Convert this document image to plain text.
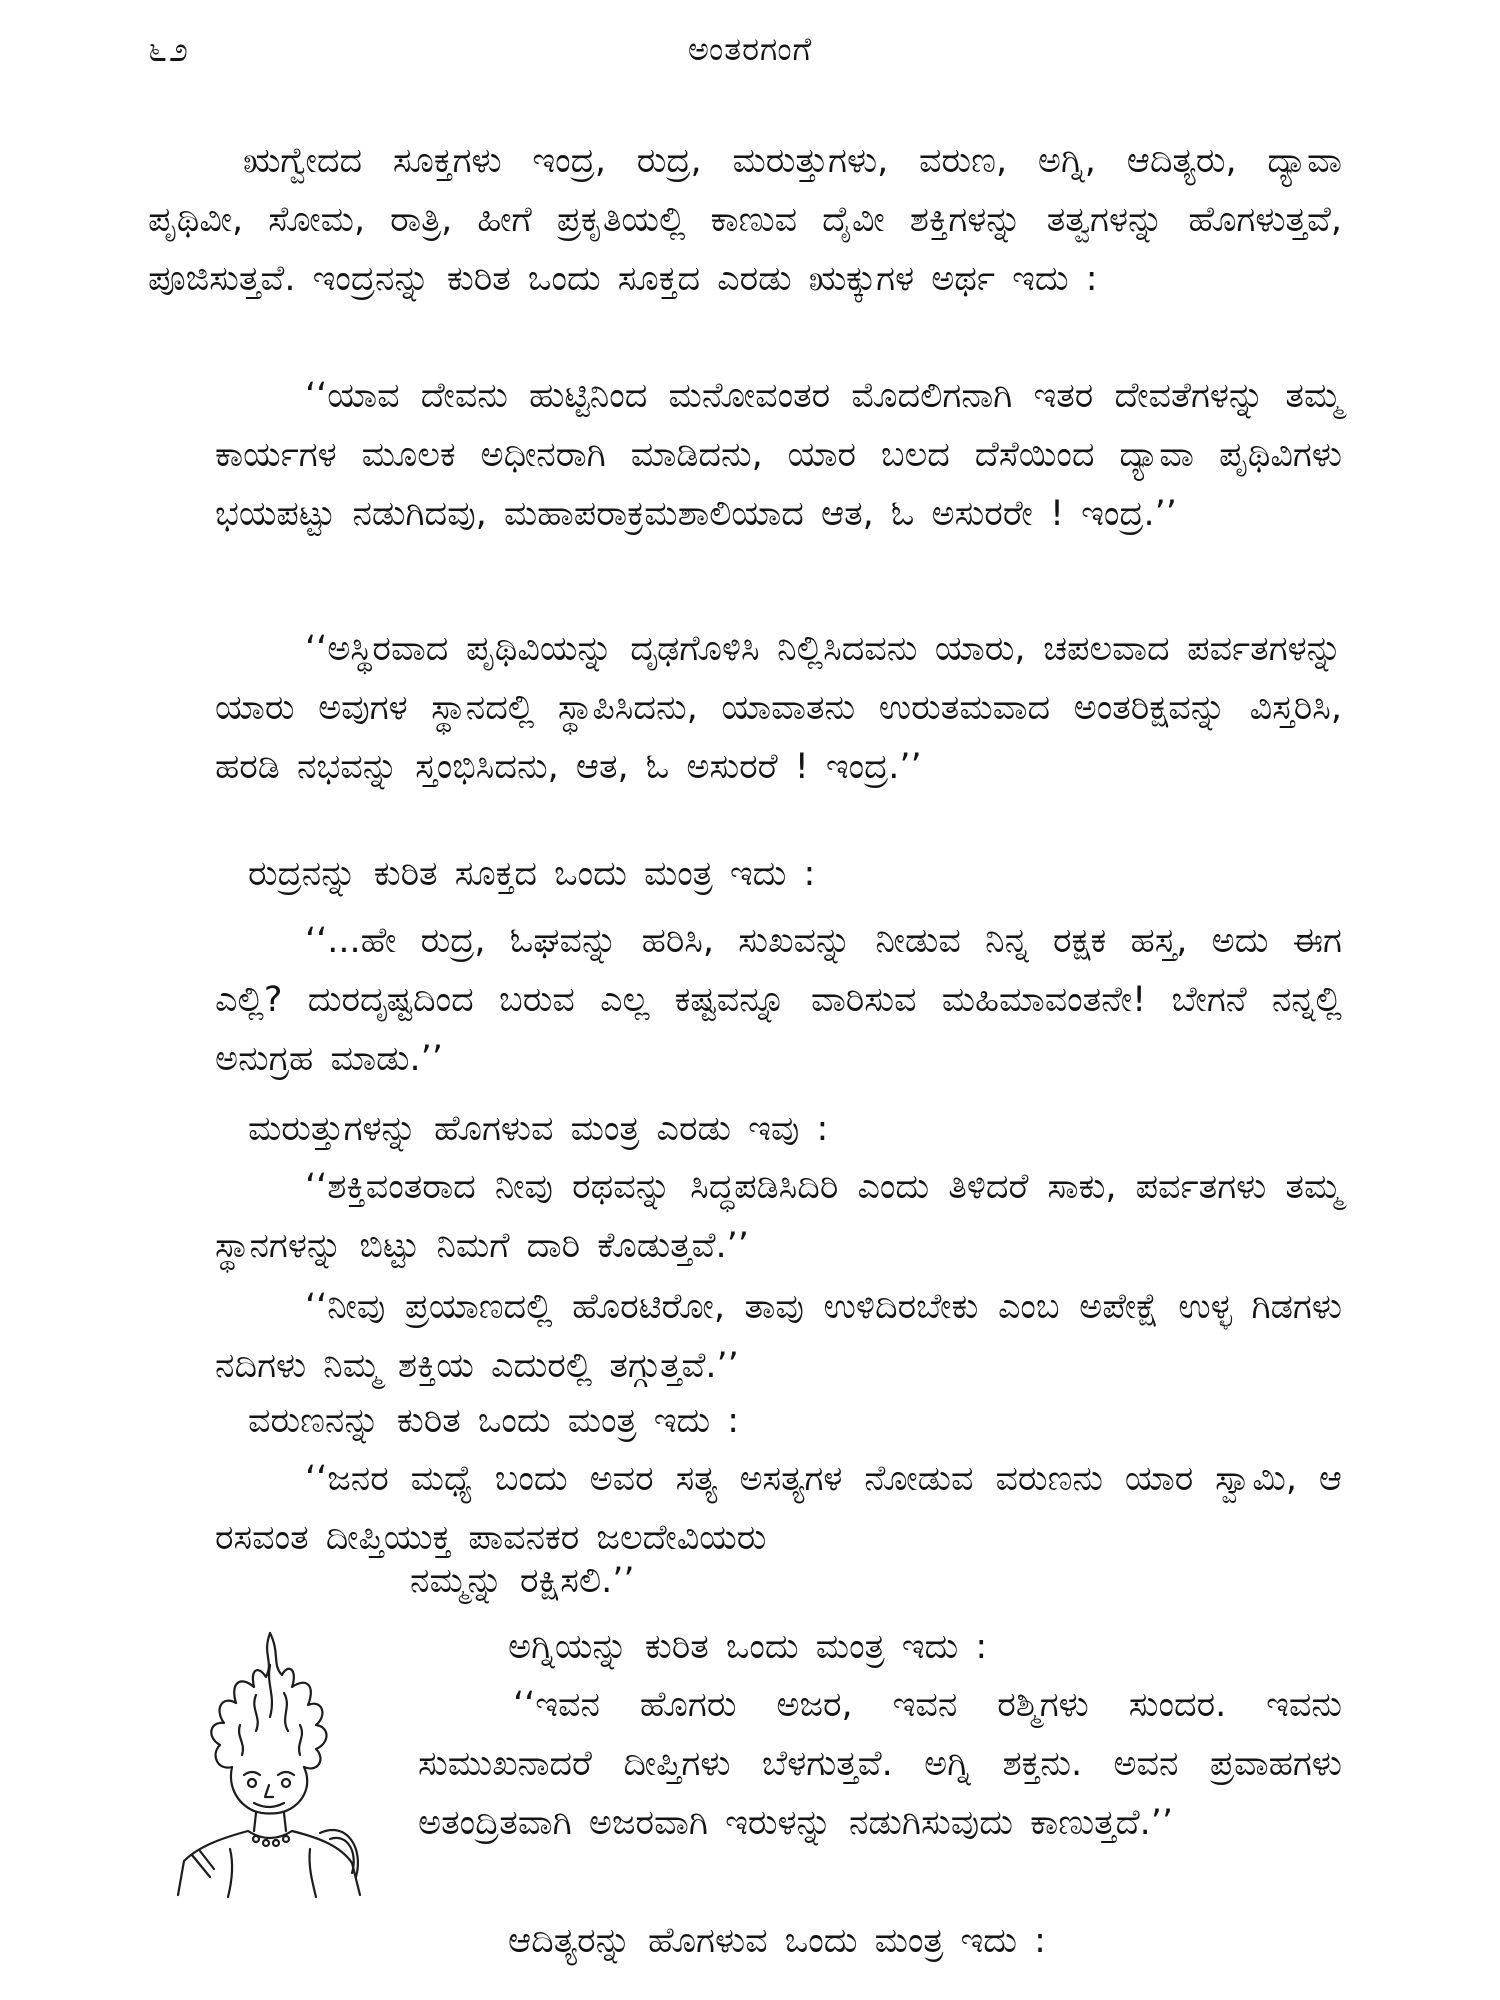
೬೨	ಅಂತರಗಂಗೆ

ಋಗ್ವೇದದ ಸೂಕ್ತಗಳು ಇಂದ್ರ, ರುದ್ರ, ಮರುತ್ತುಗಳು, ವರುಣ, ಅಗ್ನಿ, ಆದಿತ್ಯರು, ದ್ಯಾವಾ ಪೃಥಿವೀ, ಸೋಮ, ರಾತ್ರಿ, ಹೀಗೆ ಪ್ರಕೃತಿಯಲ್ಲಿ ಕಾಣುವ ದೈವೀ ಶಕ್ತಿಗಳನ್ನು ತತ್ವಗಳನ್ನು ಹೊಗಳುತ್ತವೆ, ಪೂಜಿಸುತ್ತವೆ. ಇಂದ್ರನನ್ನು ಕುರಿತ ಒಂದು ಸೂಕ್ತದ ಎರಡು ಋಕ್ಕುಗಳ ಅರ್ಥ ಇದು :

‘‘ಯಾವ ದೇವನು ಹುಟ್ಟಿನಿಂದ ಮನೋವಂತರ ಮೊದಲಿಗನಾಗಿ ಇತರ ದೇವತೆಗಳನ್ನು ತಮ್ಮ ಕಾರ್ಯಗಳ ಮೂಲಕ ಅಧೀನರಾಗಿ ಮಾಡಿದನು, ಯಾರ ಬಲದ ದೆಸೆಯಿಂದ ದ್ಯಾವಾ ಪೃಥಿವಿಗಳು ಭಯಪಟ್ಟು ನಡುಗಿದವು, ಮಹಾಪರಾಕ್ರಮಶಾಲಿಯಾದ ಆತ, ಓ ಅಸುರರೇ ! ಇಂದ್ರ.’’

‘‘ಅಸ್ಥಿರವಾದ ಪೃಥಿವಿಯನ್ನು ದೃಢಗೊಳಿಸಿ ನಿಲ್ಲಿಸಿದವನು ಯಾರು, ಚಪಲವಾದ ಪರ್ವತಗಳನ್ನು ಯಾರು ಅವುಗಳ ಸ್ಥಾನದಲ್ಲಿ ಸ್ಥಾಪಿಸಿದನು, ಯಾವಾತನು ಉರುತಮವಾದ ಅಂತರಿಕ್ಷವನ್ನು ವಿಸ್ತರಿಸಿ, ಹರಡಿ ನಭವನ್ನು ಸ್ತಂಭಿಸಿದನು, ಆತ, ಓ ಅಸುರರೆ ! ಇಂದ್ರ.’’

ರುದ್ರನನ್ನು ಕುರಿತ ಸೂಕ್ತದ ಒಂದು ಮಂತ್ರ ಇದು :

‘‘...ಹೇ ರುದ್ರ, ಓಘವನ್ನು ಹರಿಸಿ, ಸುಖವನ್ನು ನೀಡುವ ನಿನ್ನ ರಕ್ಷಕ ಹಸ್ತ, ಅದು ಈಗ ಎಲ್ಲಿ? ದುರದೃಷ್ಟದಿಂದ ಬರುವ ಎಲ್ಲ ಕಷ್ಟವನ್ನೂ ವಾರಿಸುವ ಮಹಿಮಾವಂತನೇ! ಬೇಗನೆ ನನ್ನಲ್ಲಿ ಅನುಗ್ರಹ ಮಾಡು.’’

ಮರುತ್ತುಗಳನ್ನು ಹೊಗಳುವ ಮಂತ್ರ ಎರಡು ಇವು :

‘‘ಶಕ್ತಿವಂತರಾದ ನೀವು ರಥವನ್ನು ಸಿದ್ಧಪಡಿಸಿದಿರಿ ಎಂದು ತಿಳಿದರೆ ಸಾಕು, ಪರ್ವತಗಳು ತಮ್ಮ ಸ್ಥಾನಗಳನ್ನು ಬಿಟ್ಟು ನಿಮಗೆ ದಾರಿ ಕೊಡುತ್ತವೆ.’’

‘‘ನೀವು ಪ್ರಯಾಣದಲ್ಲಿ ಹೊರಟಿರೋ, ತಾವು ಉಳಿದಿರಬೇಕು ಎಂಬ ಅಪೇಕ್ಷೆ ಉಳ್ಳ ಗಿಡಗಳು ನದಿಗಳು ನಿಮ್ಮ ಶಕ್ತಿಯ ಎದುರಲ್ಲಿ ತಗ್ಗುತ್ತವೆ.’’

ವರುಣನನ್ನು ಕುರಿತ ಒಂದು ಮಂತ್ರ ಇದು :

‘‘ಜನರ ಮಧ್ಯೆ ಬಂದು ಅವರ ಸತ್ಯ ಅಸತ್ಯಗಳ ನೋಡುವ ವರುಣನು ಯಾರ ಸ್ವಾಮಿ, ಆ ರಸವಂತ ದೀಪ್ತಿಯುಕ್ತ ಪಾವನಕರ ಜಲದೇವಿಯರು

ನಮ್ಮನ್ನು ರಕ್ಷಿಸಲಿ.’’

ಅಗ್ನಿಯನ್ನು ಕುರಿತ ಒಂದು ಮಂತ್ರ ಇದು :

‘‘ಇವನ ಹೊಗರು ಅಜರ, ಇವನ ರಶ್ಮಿಗಳು ಸುಂದರ. ಇವನು ಸುಮುಖನಾದರೆ ದೀಪ್ತಿಗಳು ಬೆಳಗುತ್ತವೆ. ಅಗ್ನಿ ಶಕ್ತನು. ಅವನ ಪ್ರವಾಹಗಳು ಅತಂದ್ರಿತವಾಗಿ ಅಜರವಾಗಿ ಇರುಳನ್ನು ನಡುಗಿಸುವುದು ಕಾಣುತ್ತದೆ.’’

ಆದಿತ್ಯರನ್ನು ಹೊಗಳುವ ಒಂದು ಮಂತ್ರ ಇದು :
